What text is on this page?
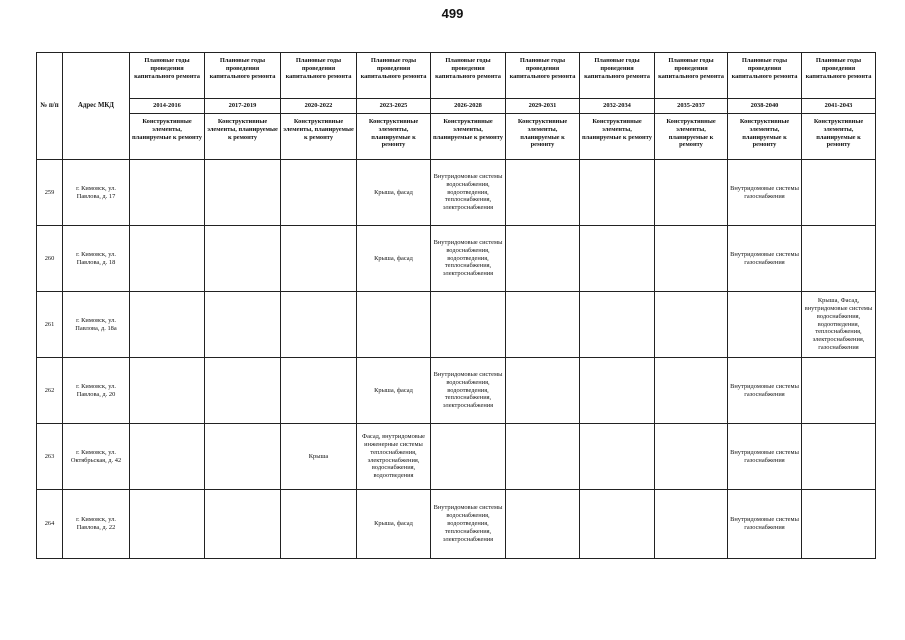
499
№ п/п	Адрес МКД	Плановые годы проведения капитального ремонта	Плановые годы проведения капитального ремонта	Плановые годы проведения капитального ремонта	Плановые годы проведения капитального ремонта	Плановые годы проведения капитального ремонта	Плановые годы проведения капитального ремонта	Плановые годы проведения капитального ремонта	Плановые годы проведения капитального ремонта	Плановые годы проведения капитального ремонта	Плановые годы проведения капитального ремонта
		2014-2016	2017-2019	2020-2022	2023-2025	2026-2028	2029-2031	2032-2034	2035-2037	2038-2040	2041-2043
		Конструктивные элементы, планируемые к ремонту	Конструктивные элементы, планируемые к ремонту	Конструктивные элементы, планируемые к ремонту	Конструктивные элементы, планируемые к ремонту	Конструктивные элементы, планируемые к ремонту	Конструктивные элементы, планируемые к ремонту	Конструктивные элементы, планируемые к ремонту	Конструктивные элементы, планируемые к ремонту	Конструктивные элементы, планируемые к ремонту	Конструктивные элементы, планируемые к ремонту
259	г. Кимовск, ул. Павлова, д. 17				Крыша, фасад	Внутридомовые системы водоснабжения, водоотведения, теплоснабжения, электроснабжения				Внутридомовые системы газоснабжения	
260	г. Кимовск, ул. Павлова, д. 18				Крыша, фасад	Внутридомовые системы водоснабжения, водоотведения, теплоснабжения, электроснабжения				Внутридомовые системы газоснабжения	
261	г. Кимовск, ул. Павлова, д. 18а										Крыша, Фасад, внутридомовые системы водоснабжения, водоотведения, теплоснабжения, электроснабжения, газоснабжения
262	г. Кимовск, ул. Павлова, д. 20				Крыша, фасад	Внутридомовые системы водоснабжения, водоотведения, теплоснабжения, электроснабжения				Внутридомовые системы газоснабжения	
263	г. Кимовск, ул. Октябрьская, д. 42			Крыша	Фасад, внутридомовые инженерные системы теплоснабжения, электроснабжения, водоснабжения, водоотведения					Внутридомовые системы газоснабжения	
264	г. Кимовск, ул. Павлова, д. 22				Крыша, фасад	Внутридомовые системы водоснабжения, водоотведения, теплоснабжения, электроснабжения				Внутридомовые системы газоснабжения	
